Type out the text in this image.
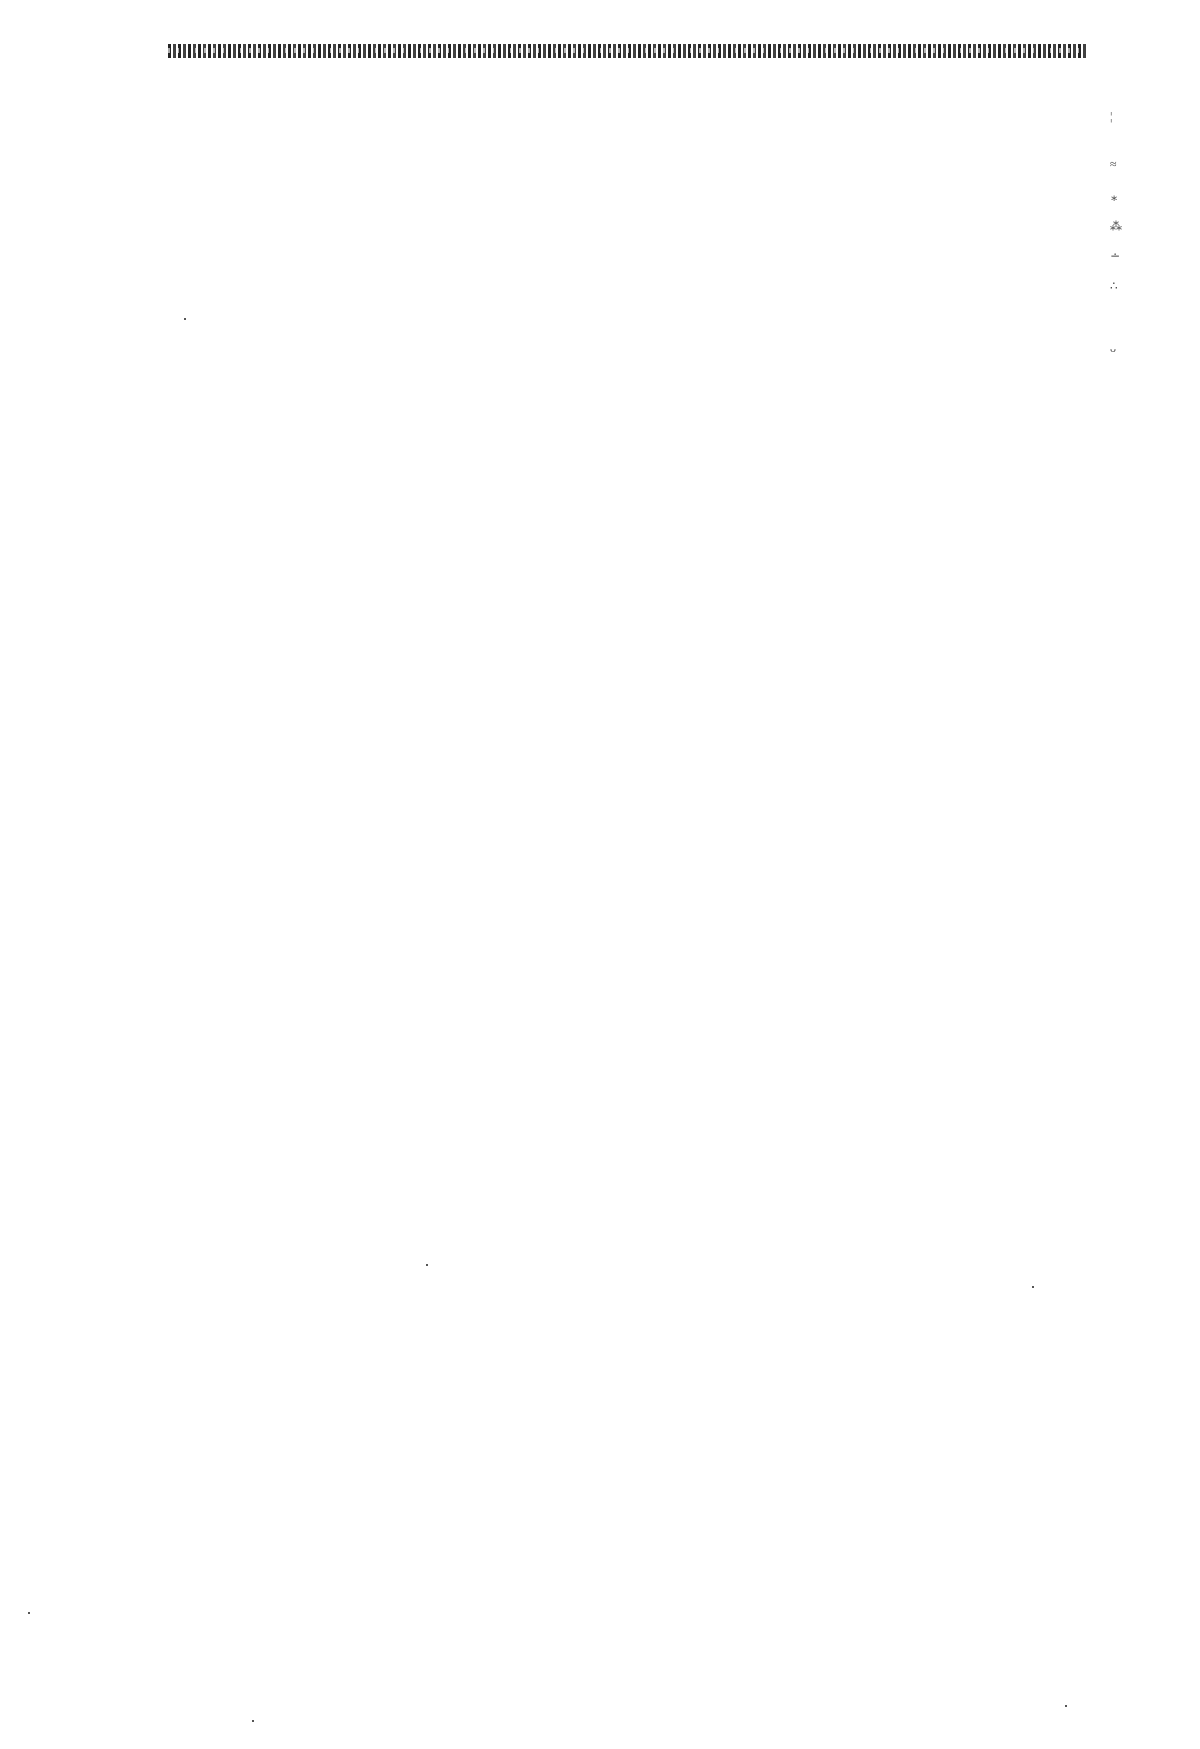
¦
≈
∗
⁂
∸
∴
ᴗ
